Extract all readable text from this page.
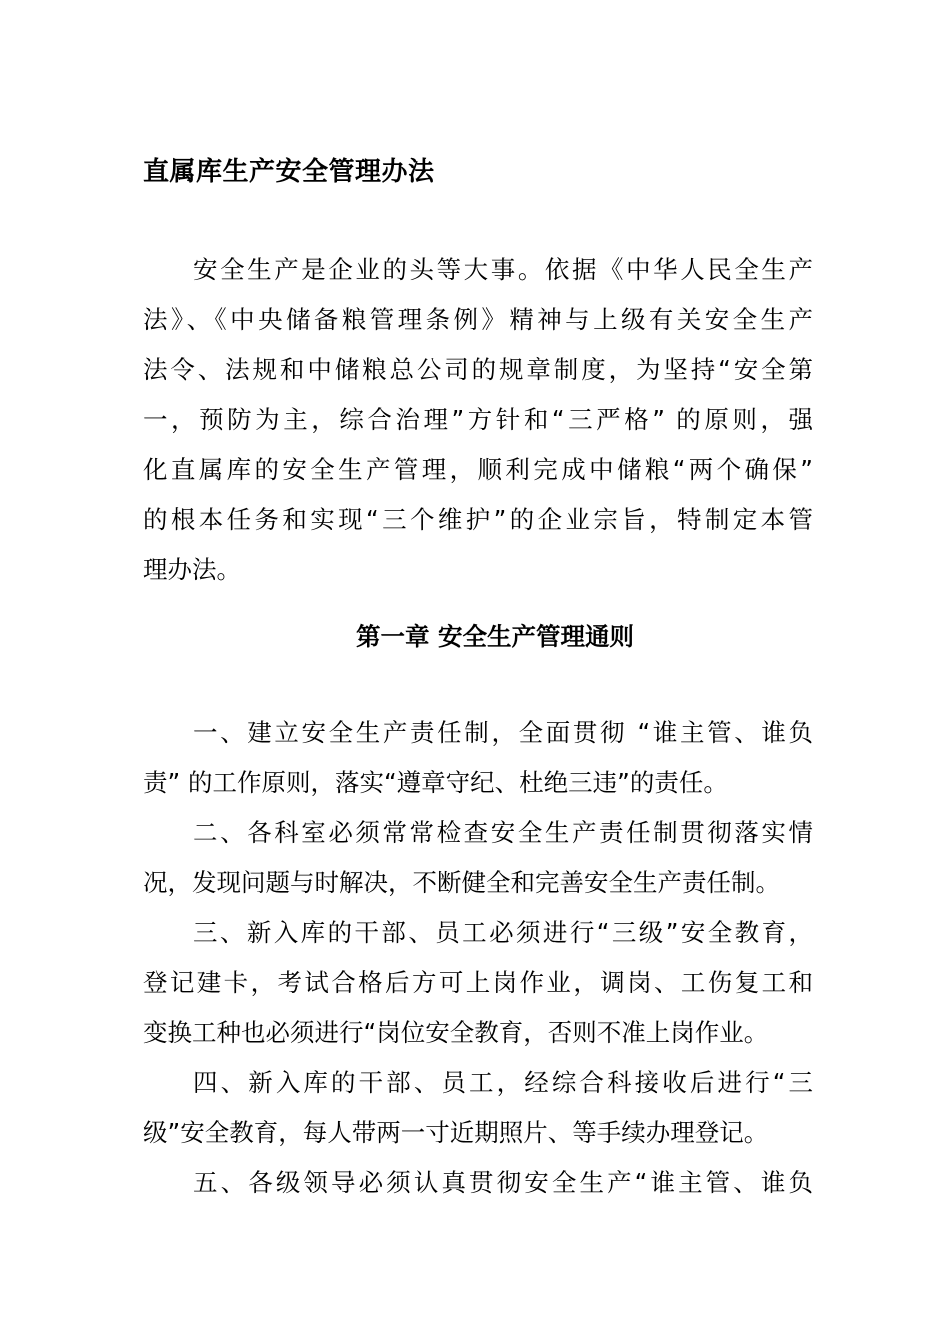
直属库生产安全管理办法
安全生产是企业的头等大事。依据《中华人民全生产
法》、《中央储备粮管理条例》精神与上级有关安全生产
法令、法规和中储粮总公司的规章制度，为坚持“安全第
一，预防为主，综合治理”方针和“三严格” 的原则，强
化直属库的安全生产管理，顺利完成中储粮“两个确保”
的根本任务和实现“三个维护”的企业宗旨，特制定本管
理办法。
第一章 安全生产管理通则
一、建立安全生产责任制，全面贯彻 “谁主管、谁负
责” 的工作原则，落实“遵章守纪、杜绝三违”的责任。
二、各科室必须常常检查安全生产责任制贯彻落实情
况，发现问题与时解决，不断健全和完善安全生产责任制。
三、新入库的干部、员工必须进行“三级”安全教育，
登记建卡，考试合格后方可上岗作业，调岗、工伤复工和
变换工种也必须进行“岗位安全教育，否则不准上岗作业。
四、新入库的干部、员工，经综合科接收后进行“三
级”安全教育，每人带两一寸近期照片、等手续办理登记。
五、各级领导必须认真贯彻安全生产“谁主管、谁负
